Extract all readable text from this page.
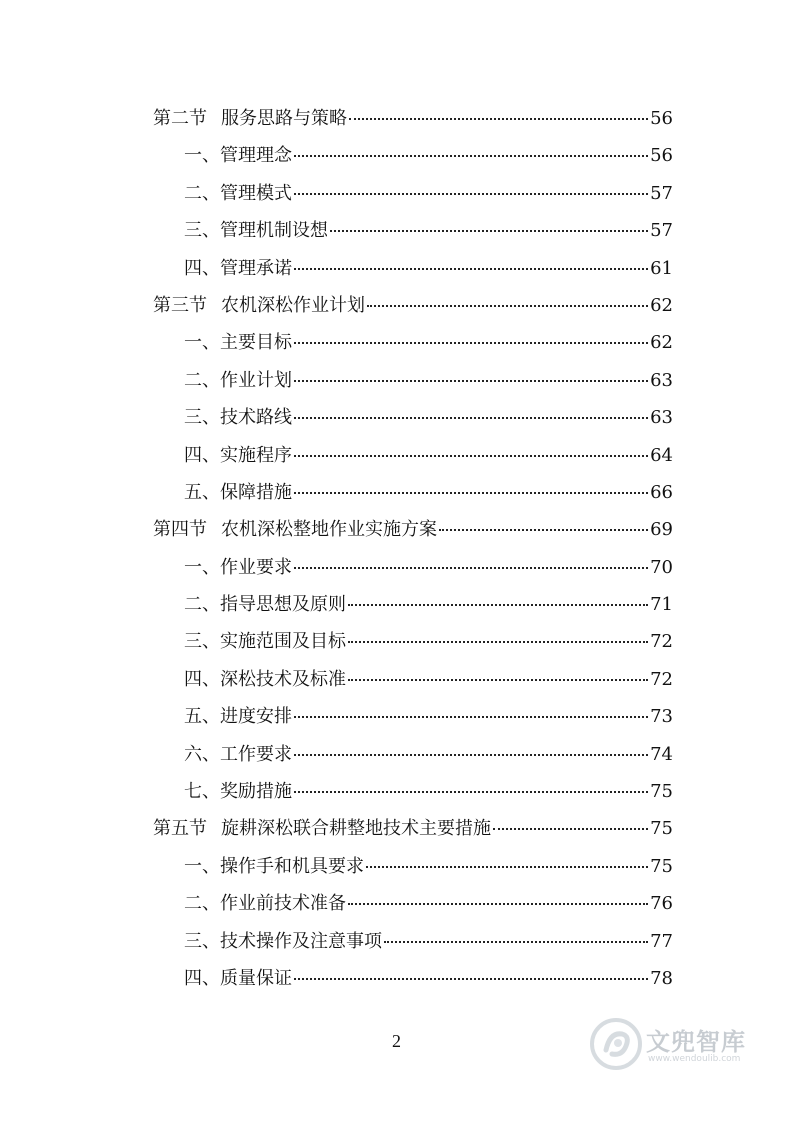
第二节 服务思路与策略	56
一、 管理理念	56
二、 管理模式	57
三、 管理机制设想	57
四、 管理承诺	61
第三节 农机深松作业计划	62
一、 主要目标	62
二、 作业计划	63
三、 技术路线	63
四、 实施程序	64
五、 保障措施	66
第四节 农机深松整地作业实施方案	69
一、 作业要求	70
二、 指导思想及原则	71
三、 实施范围及目标	72
四、 深松技术及标准	72
五、 进度安排	73
六、 工作要求	74
七、 奖励措施	75
第五节 旋耕深松联合耕整地技术主要措施	75
一、 操作手和机具要求	75
二、 作业前技术准备	76
三、 技术操作及注意事项	77
四、 质量保证	78
2	文兜智库
www.wendoulib.com
